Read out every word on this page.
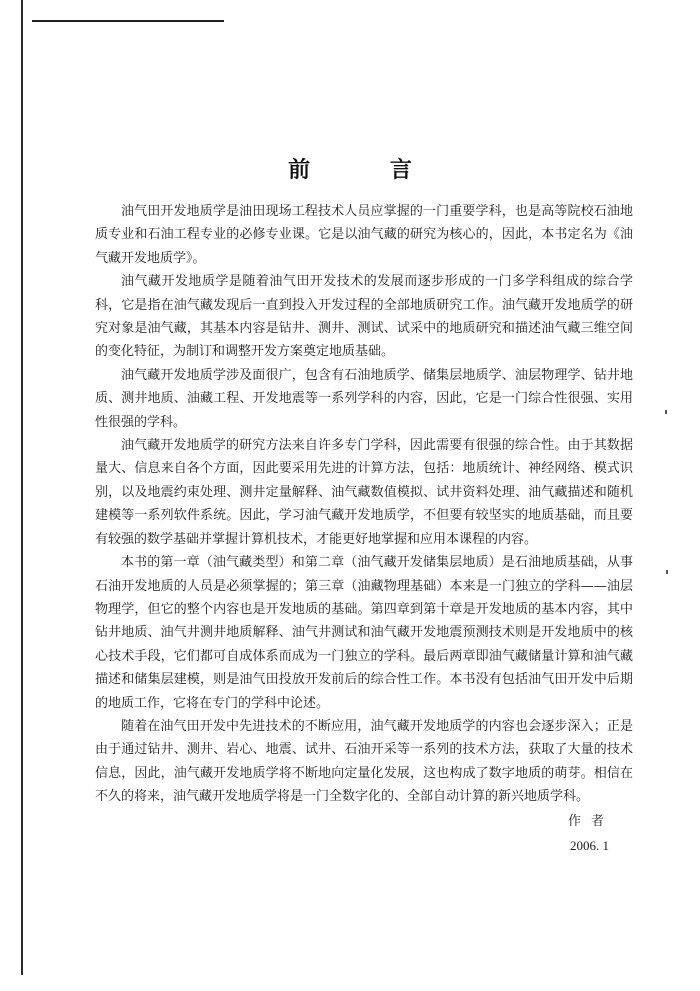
前 言

油气田开发地质学是油田现场工程技术人员应掌握的一门重要学科，也是高等院校石油地质专业和石油工程专业的必修专业课。它是以油气藏的研究为核心的，因此，本书定名为《油气藏开发地质学》。

油气藏开发地质学是随着油气田开发技术的发展而逐步形成的一门多学科组成的综合学科，它是指在油气藏发现后一直到投入开发过程的全部地质研究工作。油气藏开发地质学的研究对象是油气藏，其基本内容是钻井、测井、测试、试采中的地质研究和描述油气藏三维空间的变化特征，为制订和调整开发方案奠定地质基础。

油气藏开发地质学涉及面很广，包含有石油地质学、储集层地质学、油层物理学、钻井地质、测井地质、油藏工程、开发地震等一系列学科的内容，因此，它是一门综合性很强、实用性很强的学科。

油气藏开发地质学的研究方法来自许多专门学科，因此需要有很强的综合性。由于其数据量大、信息来自各个方面，因此要采用先进的计算方法，包括：地质统计、神经网络、模式识别，以及地震约束处理、测井定量解释、油气藏数值模拟、试井资料处理、油气藏描述和随机建模等一系列软件系统。因此，学习油气藏开发地质学，不但要有较坚实的地质基础，而且要有较强的数学基础并掌握计算机技术，才能更好地掌握和应用本课程的内容。

本书的第一章（油气藏类型）和第二章（油气藏开发储集层地质）是石油地质基础，从事石油开发地质的人员是必须掌握的；第三章（油藏物理基础）本来是一门独立的学科——油层物理学，但它的整个内容也是开发地质的基础。第四章到第十章是开发地质的基本内容，其中钻井地质、油气井测井地质解释、油气井测试和油气藏开发地震预测技术则是开发地质中的核心技术手段，它们都可自成体系而成为一门独立的学科。最后两章即油气藏储量计算和油气藏描述和储集层建模，则是油气田投放开发前后的综合性工作。本书没有包括油气田开发中后期的地质工作，它将在专门的学科中论述。

随着在油气田开发中先进技术的不断应用，油气藏开发地质学的内容也会逐步深入；正是由于通过钻井、测井、岩心、地震、试井、石油开采等一系列的技术方法，获取了大量的技术信息，因此，油气藏开发地质学将不断地向定量化发展，这也构成了数字地质的萌芽。相信在不久的将来，油气藏开发地质学将是一门全数字化的、全部自动计算的新兴地质学科。

作者
2006. 1
